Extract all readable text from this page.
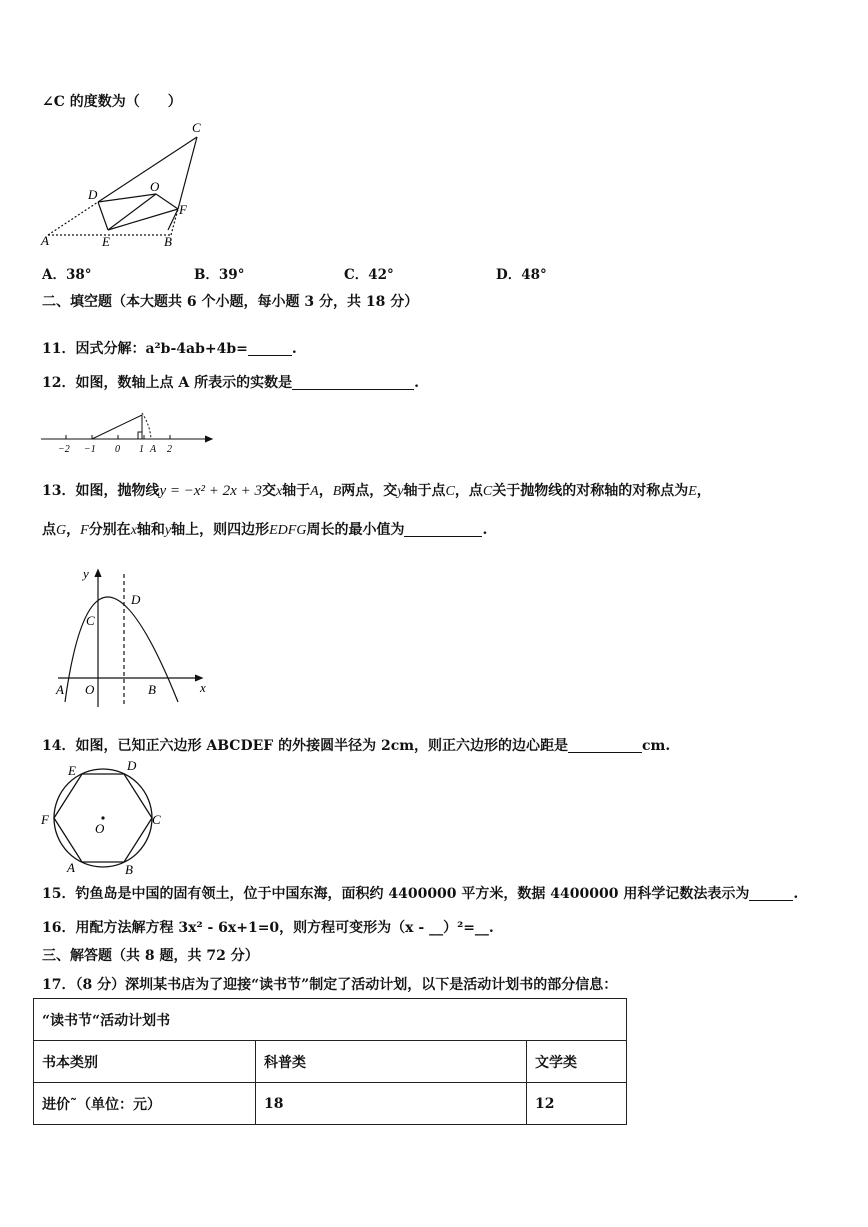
∠C 的度数为（　　）
C
D
O
F
A	E	B
A．38°	B．39°	C．42°	D．48°
二、填空题（本大题共 6 个小题，每小题 3 分，共 18 分）
11．因式分解：a²b-4ab+4b=	.
12．如图，数轴上点 A 所表示的实数是	.
−2 −1 0 1 2
A
13．如图，抛物线y = −x² + 2x + 3交x轴于A，B两点，交y轴于点C，点C关于抛物线的对称轴的对称点为E，
点G，F分别在x轴和y轴上，则四边形EDFG周长的最小值为	.
y
x
D
C
A O	B
14．如图，已知正六边形 ABCDEF 的外接圆半径为 2cm，则正六边形的边心距是	cm.
E	D
F	C
O
A	B
15．钓鱼岛是中国的固有领土，位于中国东海，面积约 4400000 平方米，数据 4400000 用科学记数法表示为	.
16．用配方法解方程 3x² - 6x+1=0，则方程可变形为（x - __）²=__.
三、解答题（共 8 题，共 72 分）
17．（8 分）深圳某书店为了迎接“读书节”制定了活动计划，以下是活动计划书的部分信息：
“读书节“活动计划书		
书本类别	科普类	文学类
进价˜（单位：元）	18	12
